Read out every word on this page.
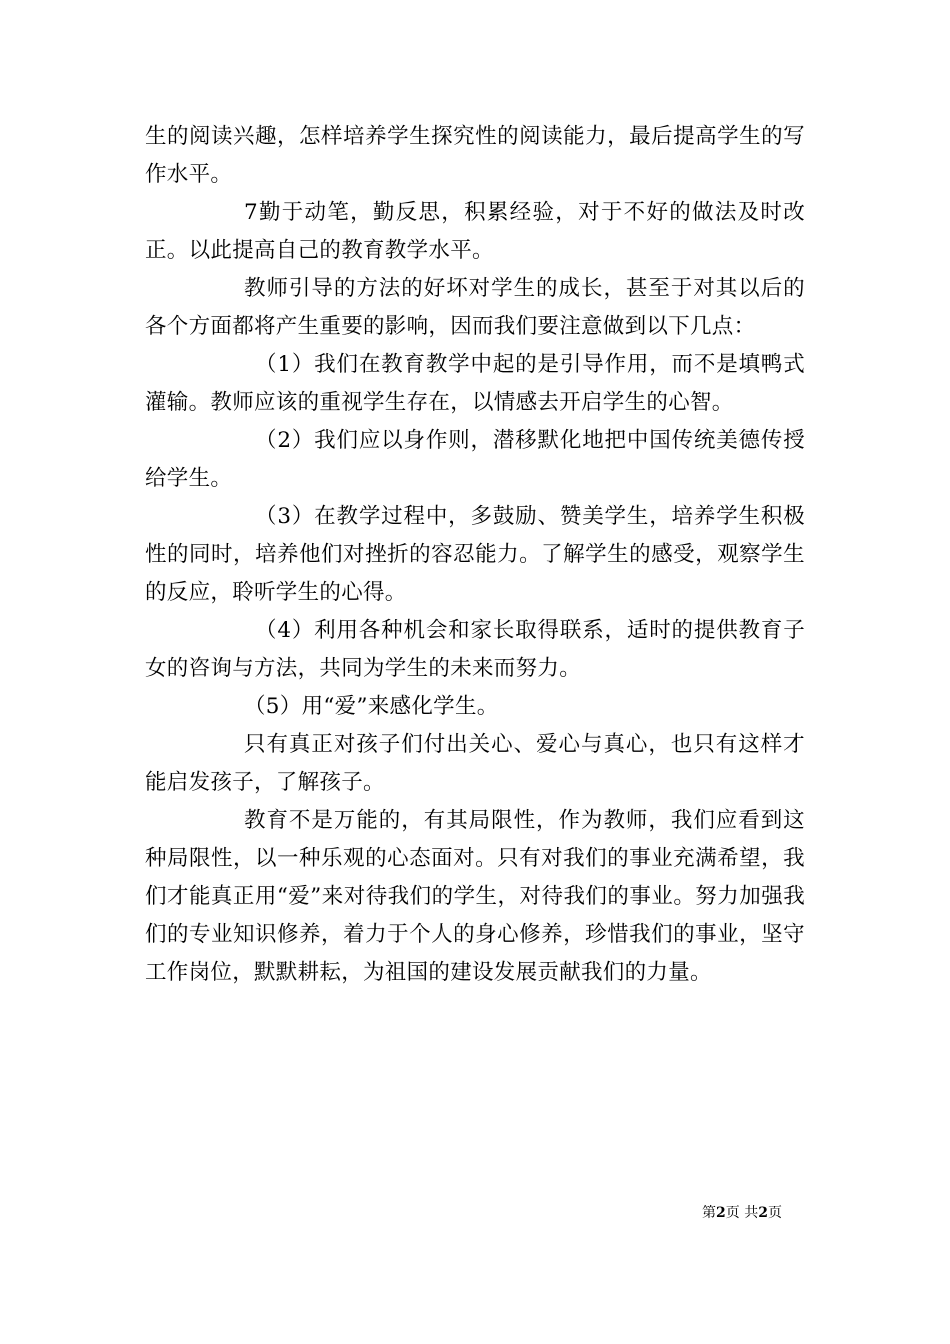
生的阅读兴趣，怎样培养学生探究性的阅读能力，最后提高学生的写作水平。

7勤于动笔，勤反思，积累经验，对于不好的做法及时改正。以此提高自己的教育教学水平。

教师引导的方法的好坏对学生的成长，甚至于对其以后的各个方面都将产生重要的影响，因而我们要注意做到以下几点：

（1）我们在教育教学中起的是引导作用，而不是填鸭式灌输。教师应该的重视学生存在，以情感去开启学生的心智。

（2）我们应以身作则，潜移默化地把中国传统美德传授给学生。

（3）在教学过程中，多鼓励、赞美学生，培养学生积极性的同时，培养他们对挫折的容忍能力。了解学生的感受，观察学生的反应，聆听学生的心得。

（4）利用各种机会和家长取得联系，适时的提供教育子女的咨询与方法，共同为学生的未来而努力。

（5）用“爱”来感化学生。

只有真正对孩子们付出关心、爱心与真心，也只有这样才能启发孩子，了解孩子。

教育不是万能的，有其局限性，作为教师，我们应看到这种局限性，以一种乐观的心态面对。只有对我们的事业充满希望，我们才能真正用“爱”来对待我们的学生，对待我们的事业。努力加强我们的专业知识修养，着力于个人的身心修养，珍惜我们的事业，坚守工作岗位，默默耕耘，为祖国的建设发展贡献我们的力量。

第2页 共2页
